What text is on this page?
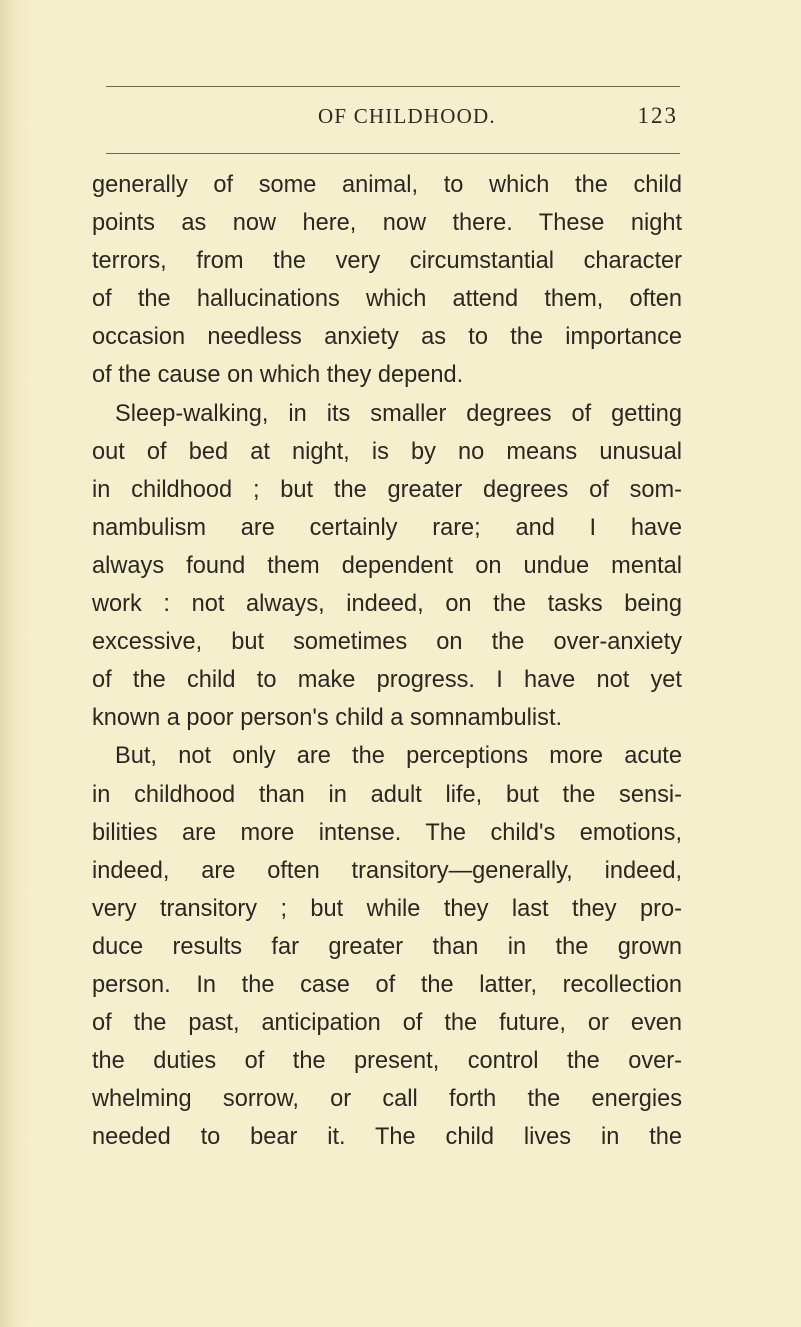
OF CHILDHOOD.	123
generally of some animal, to which the child
points as now here, now there. These night
terrors, from the very circumstantial character
of the hallucinations which attend them, often
occasion needless anxiety as to the importance
of the cause on which they depend.
Sleep-walking, in its smaller degrees of getting
out of bed at night, is by no means unusual
in childhood ; but the greater degrees of som-
nambulism are certainly rare; and I have
always found them dependent on undue mental
work : not always, indeed, on the tasks being
excessive, but sometimes on the over-anxiety
of the child to make progress. I have not yet
known a poor person's child a somnambulist.
But, not only are the perceptions more acute
in childhood than in adult life, but the sensi-
bilities are more intense. The child's emotions,
indeed, are often transitory—generally, indeed,
very transitory ; but while they last they pro-
duce results far greater than in the grown
person. In the case of the latter, recollection
of the past, anticipation of the future, or even
the duties of the present, control the over-
whelming sorrow, or call forth the energies
needed to bear it. The child lives in the
